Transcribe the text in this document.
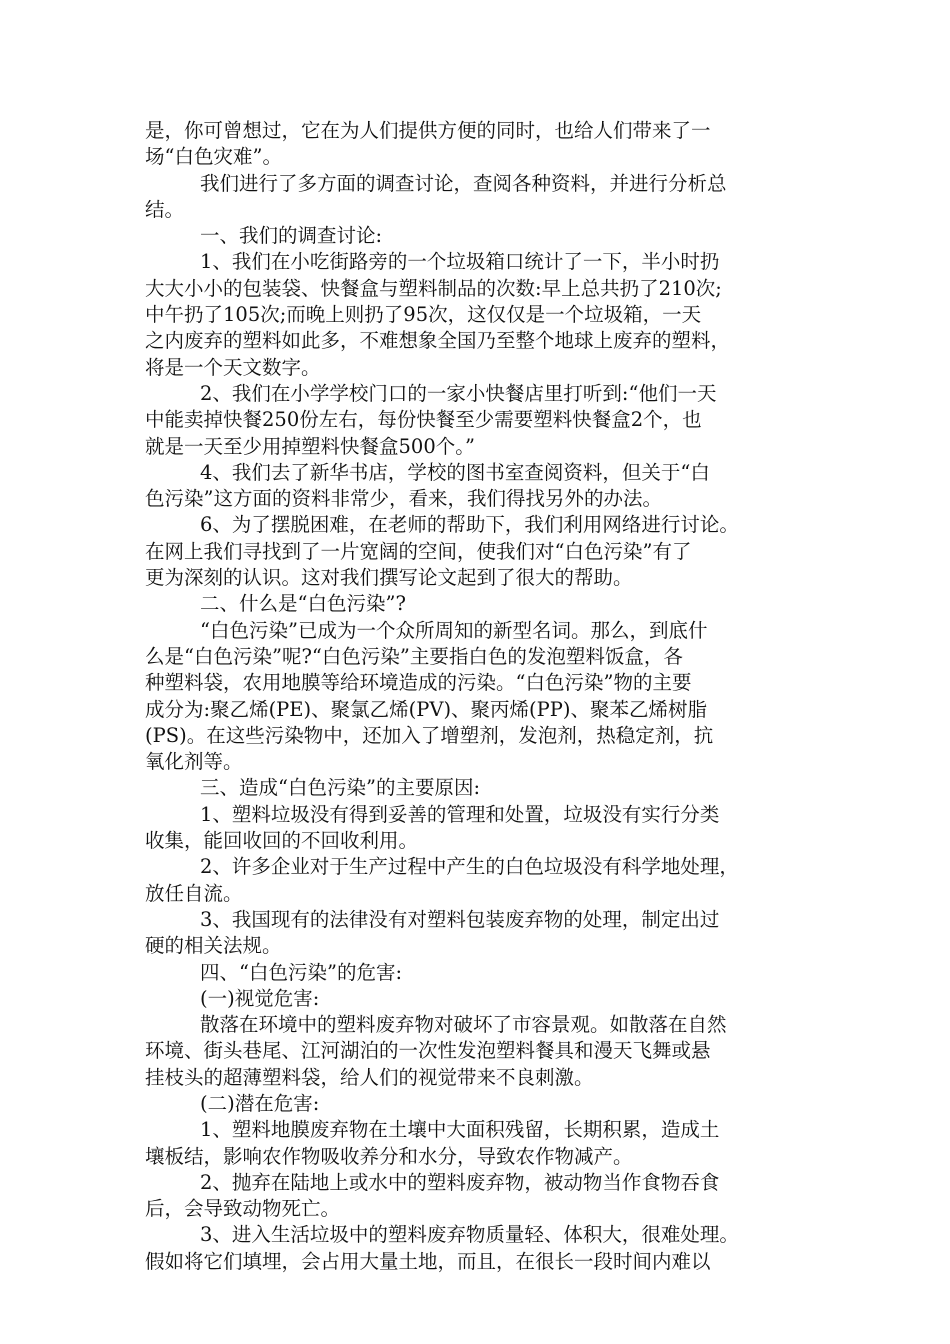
是，你可曾想过，它在为人们提供方便的同时，也给人们带来了一
场“白色灾难”。
我们进行了多方面的调查讨论，查阅各种资料，并进行分析总
结。
一、我们的调查讨论:
1、我们在小吃街路旁的一个垃圾箱口统计了一下，半小时扔
大大小小的包装袋、快餐盒与塑料制品的次数:早上总共扔了210次;
中午扔了105次;而晚上则扔了95次，这仅仅是一个垃圾箱，一天
之内废弃的塑料如此多，不难想象全国乃至整个地球上废弃的塑料，
将是一个天文数字。
2、我们在小学学校门口的一家小快餐店里打听到:“他们一天
中能卖掉快餐250份左右，每份快餐至少需要塑料快餐盒2个，也
就是一天至少用掉塑料快餐盒500个。”
4、我们去了新华书店，学校的图书室查阅资料，但关于“白
色污染”这方面的资料非常少，看来，我们得找另外的办法。
6、为了摆脱困难，在老师的帮助下，我们利用网络进行讨论。
在网上我们寻找到了一片宽阔的空间，使我们对“白色污染”有了
更为深刻的认识。这对我们撰写论文起到了很大的帮助。
二、什么是“白色污染”?
“白色污染”已成为一个众所周知的新型名词。那么，到底什
么是“白色污染”呢?“白色污染”主要指白色的发泡塑料饭盒，各
种塑料袋，农用地膜等给环境造成的污染。“白色污染”物的主要
成分为:聚乙烯(PE)、聚氯乙烯(PV)、聚丙烯(PP)、聚苯乙烯树脂
(PS)。在这些污染物中，还加入了增塑剂，发泡剂，热稳定剂，抗
氧化剂等。
三、造成“白色污染”的主要原因:
1、塑料垃圾没有得到妥善的管理和处置，垃圾没有实行分类
收集，能回收回的不回收利用。
2、许多企业对于生产过程中产生的白色垃圾没有科学地处理，
放任自流。
3、我国现有的法律没有对塑料包装废弃物的处理，制定出过
硬的相关法规。
四、“白色污染”的危害:
(一)视觉危害:
散落在环境中的塑料废弃物对破坏了市容景观。如散落在自然
环境、街头巷尾、江河湖泊的一次性发泡塑料餐具和漫天飞舞或悬
挂枝头的超薄塑料袋，给人们的视觉带来不良刺激。
(二)潜在危害:
1、塑料地膜废弃物在土壤中大面积残留，长期积累，造成土
壤板结，影响农作物吸收养分和水分，导致农作物减产。
2、抛弃在陆地上或水中的塑料废弃物，被动物当作食物吞食
后，会导致动物死亡。
3、进入生活垃圾中的塑料废弃物质量轻、体积大，很难处理。
假如将它们填埋，会占用大量土地，而且，在很长一段时间内难以
